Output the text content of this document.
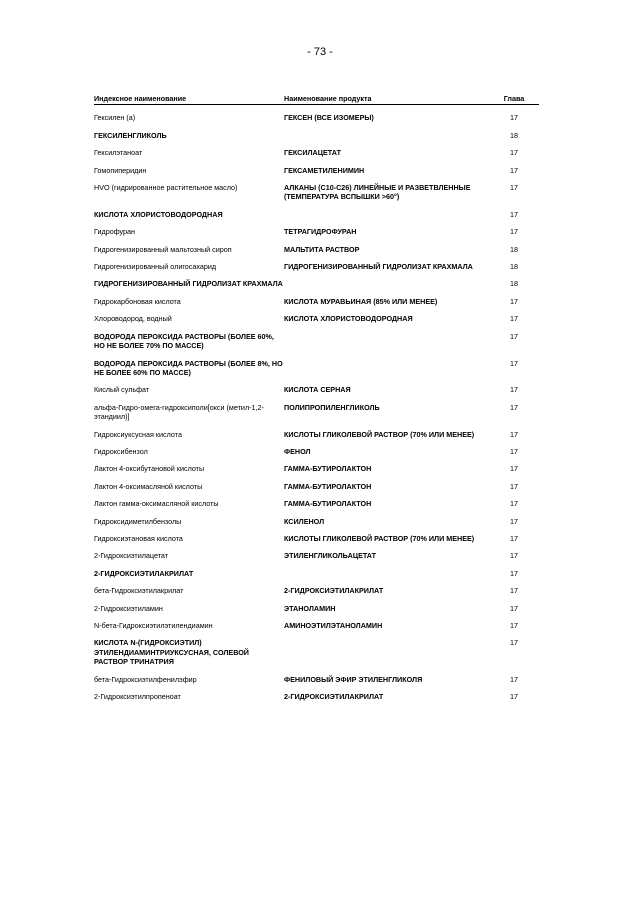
- 73 -
Индексное наименование	Наименование продукта	Глава
Гексилен (а)	ГЕКСЕН (ВСЕ ИЗОМЕРЫ)	17
ГЕКСИЛЕНГЛИКОЛЬ		18
Гексилэтаноат	ГЕКСИЛАЦЕТАТ	17
Гомопиперидин	ГЕКСАМЕТИЛЕНИМИН	17
HVO (гидрированное растительное масло)	АЛКАНЫ (С10-С26) ЛИНЕЙНЫЕ И РАЗВЕТВЛЕННЫЕ (ТЕМПЕРАТУРА ВСПЫШКИ >60°)	17
КИСЛОТА ХЛОРИСТОВОДОРОДНАЯ		17
Гидрофуран	ТЕТРАГИДРОФУРАН	17
Гидрогенизированный мальтозный сироп	МАЛЬТИТА РАСТВОР	18
Гидрогенизированный олигосахарид	ГИДРОГЕНИЗИРОВАННЫЙ ГИДРОЛИЗАТ КРАХМАЛА	18
ГИДРОГЕНИЗИРОВАННЫЙ ГИДРОЛИЗАТ КРАХМАЛА		18
Гидрокарбоновая кислота	КИСЛОТА МУРАВЬИНАЯ (85% ИЛИ МЕНЕЕ)	17
Хлороводород, водный	КИСЛОТА ХЛОРИСТОВОДОРОДНАЯ	17
ВОДОРОДА ПЕРОКСИДА РАСТВОРЫ (БОЛЕЕ 60%, НО НЕ БОЛЕЕ 70% ПО МАССЕ)		17
ВОДОРОДА ПЕРОКСИДА РАСТВОРЫ (БОЛЕЕ 8%, НО НЕ БОЛЕЕ 60% ПО МАССЕ)		17
Кислый сульфат	КИСЛОТА СЕРНАЯ	17
альфа-Гидро-омега-гидроксиполи[окси (метил-1,2-этандиил)]	ПОЛИПРОПИЛЕНГЛИКОЛЬ	17
Гидроксиуксусная кислота	КИСЛОТЫ ГЛИКОЛЕВОЙ РАСТВОР (70% ИЛИ МЕНЕЕ)	17
Гидроксибензол	ФЕНОЛ	17
Лактон 4-оксибутановой кислоты	ГАММА-БУТИРОЛАКТОН	17
Лактон 4-оксимасляной кислоты	ГАММА-БУТИРОЛАКТОН	17
Лактон гамма-оксимасляной кислоты	ГАММА-БУТИРОЛАКТОН	17
Гидроксидиметилбензолы	КСИЛЕНОЛ	17
Гидроксиэтановая кислота	КИСЛОТЫ ГЛИКОЛЕВОЙ РАСТВОР (70% ИЛИ МЕНЕЕ)	17
2-Гидроксиэтилацетат	ЭТИЛЕНГЛИКОЛЬАЦЕТАТ	17
2-ГИДРОКСИЭТИЛАКРИЛАТ		17
бета-Гидроксиэтилакрилат	2-ГИДРОКСИЭТИЛАКРИЛАТ	17
2-Гидроксиэтиламин	ЭТАНОЛАМИН	17
N-бета-Гидроксиэтилэтилендиамин	АМИНОЭТИЛЭТАНОЛАМИН	17
КИСЛОТА N-(ГИДРОКСИЭТИЛ) ЭТИЛЕНДИАМИНТРИУКСУСНАЯ, СОЛЕВОЙ РАСТВОР ТРИНАТРИЯ		17
бета-Гидроксиэтилфенилэфир	ФЕНИЛОВЫЙ ЭФИР ЭТИЛЕНГЛИКОЛЯ	17
2-Гидроксиэтилпропеноат	2-ГИДРОКСИЭТИЛАКРИЛАТ	17
